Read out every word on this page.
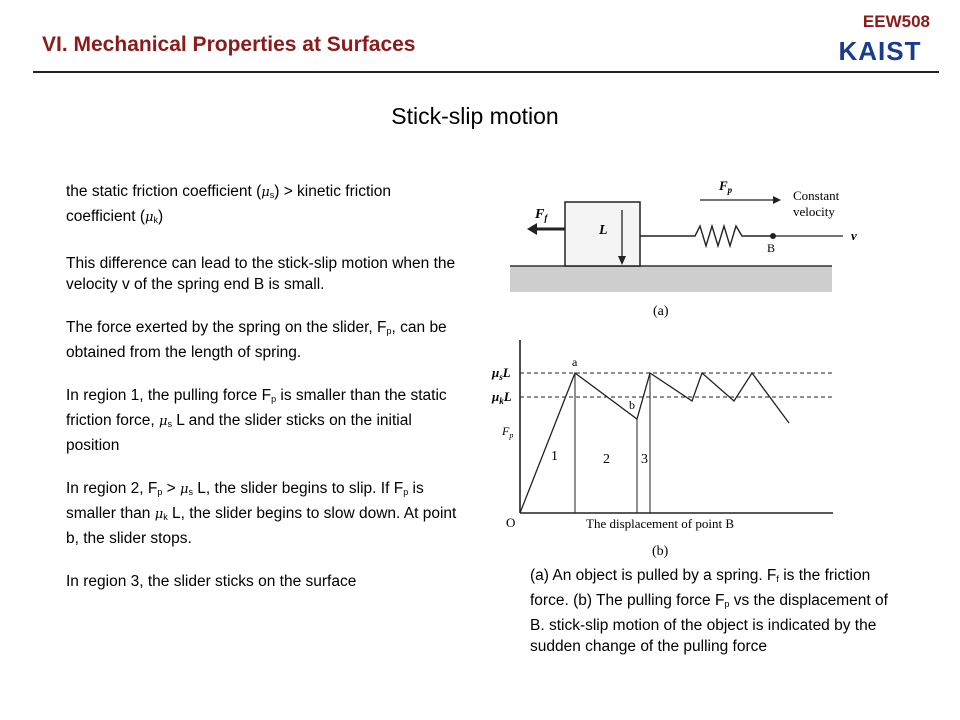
EEW508
KAIST
VI. Mechanical Properties at Surfaces
Stick-slip motion

the static friction coefficient $(\mu_s)$ > kinetic friction coefficient $(\mu_k)$

This difference can lead to the stick-slip motion when the velocity v of the spring end B is small.

The force exerted by the spring on the slider, $F_p$, can be obtained from the length of spring.

In region 1, the pulling force $F_p$ is smaller than the static friction force, $\mu_s$ L and the slider sticks on the initial position

In region 2, $F_p > \mu_s$ L, the slider begins to slip. If $F_p$ is smaller than $\mu_k$ L, the slider begins to slow down. At point b, the slider stops.

In region 3, the slider sticks on the surface

L
$F_f$
B
v
$F_p$	Constant
velocity
(a)
$\mu_sL$
$\mu_kL$
$F_p$
a
b
1	2 3
O	The displacement of point B
(b)
(a) An object is pulled by a spring. $F_f$ is the friction force. (b) The pulling force $F_p$ vs the displacement of B. stick-slip motion of the object is indicated by the sudden change of the pulling force
